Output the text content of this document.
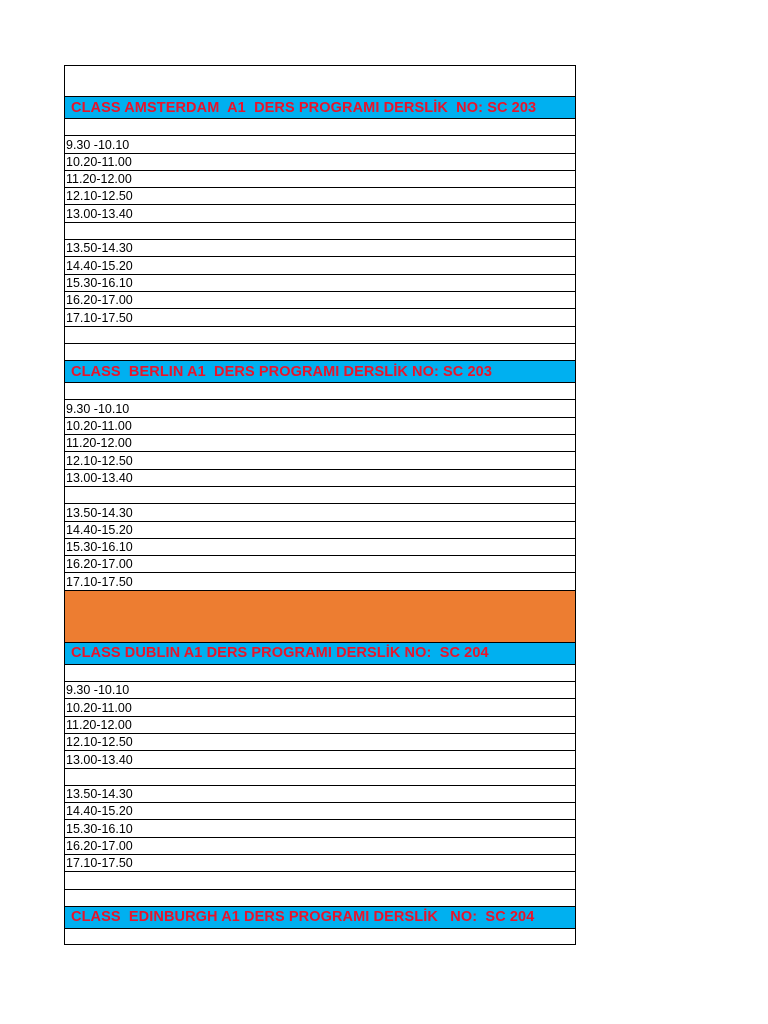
CLASS AMSTERDAM  A1  DERS PROGRAMI DERSLİK  NO: SC 203
9.30 -10.10
10.20-11.00
11.20-12.00
12.10-12.50
13.00-13.40
13.50-14.30
14.40-15.20
15.30-16.10
16.20-17.00
17.10-17.50
CLASS  BERLIN A1  DERS PROGRAMI DERSLİK NO: SC 203
9.30 -10.10
10.20-11.00
11.20-12.00
12.10-12.50
13.00-13.40
13.50-14.30
14.40-15.20
15.30-16.10
16.20-17.00
17.10-17.50
CLASS DUBLIN A1 DERS PROGRAMI DERSLİK NO:  SC 204
9.30 -10.10
10.20-11.00
11.20-12.00
12.10-12.50
13.00-13.40
13.50-14.30
14.40-15.20
15.30-16.10
16.20-17.00
17.10-17.50
CLASS  EDINBURGH A1 DERS PROGRAMI DERSLİK   NO:  SC 204
